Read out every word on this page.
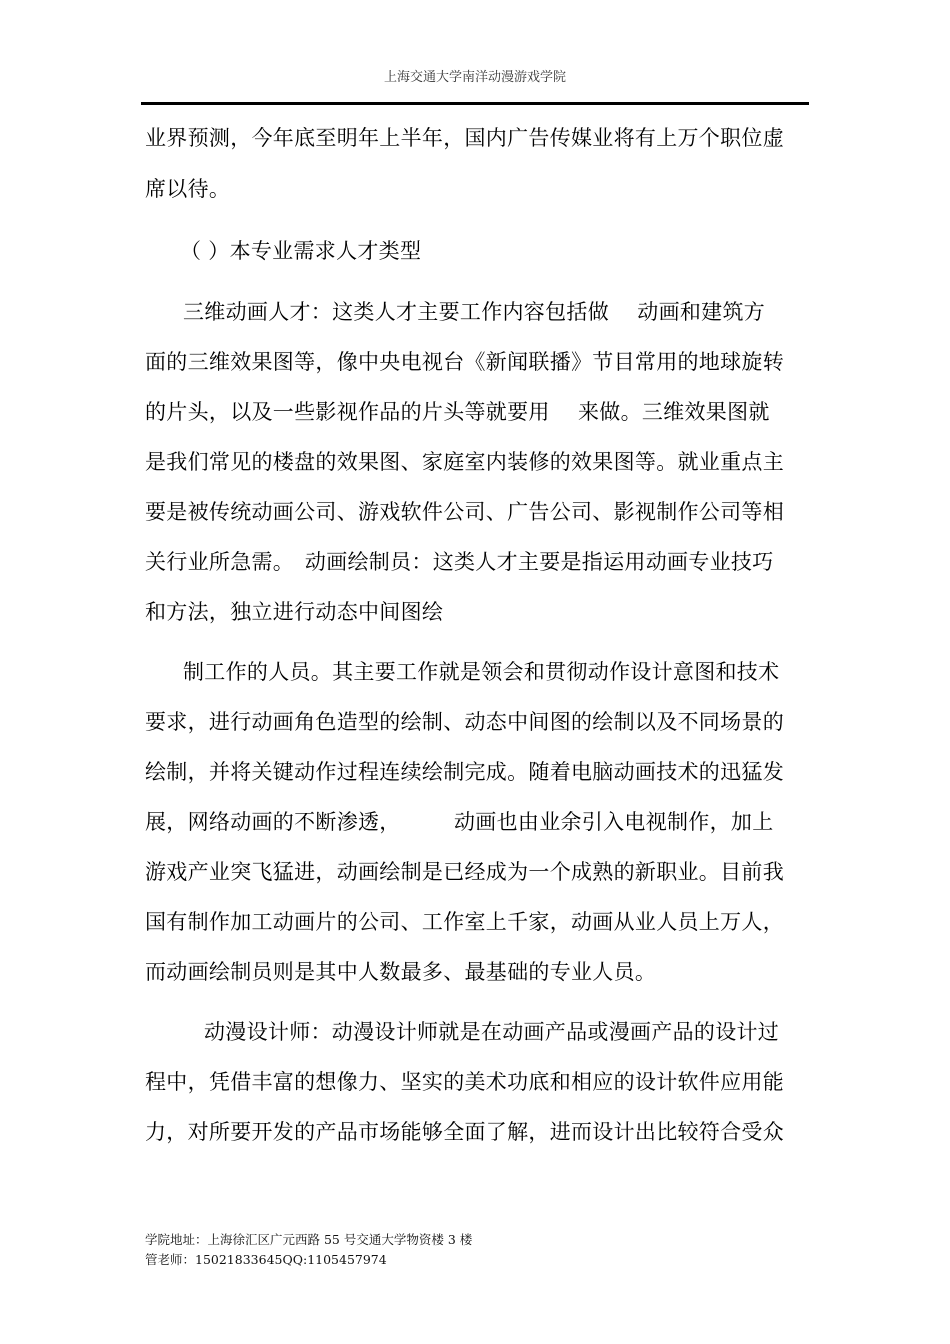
上海交通大学南洋动漫游戏学院
业界预测，今年底至明年上半年，国内广告传媒业将有上万个职位虚
席以待。
（ ）本专业需求人才类型
三维动画人才：这类人才主要工作内容包括做　 动画和建筑方
面的三维效果图等，像中央电视台《新闻联播》节目常用的地球旋转
的片头，以及一些影视作品的片头等就要用　 来做。三维效果图就
是我们常见的楼盘的效果图、家庭室内装修的效果图等。就业重点主
要是被传统动画公司、游戏软件公司、广告公司、影视制作公司等相
关行业所急需。　动画绘制员：这类人才主要是指运用动画专业技巧
和方法，独立进行动态中间图绘
制工作的人员。其主要工作就是领会和贯彻动作设计意图和技术
要求，进行动画角色造型的绘制、动态中间图的绘制以及不同场景的
绘制，并将关键动作过程连续绘制完成。随着电脑动画技术的迅猛发
展，网络动画的不断渗透，　　　动画也由业余引入电视制作，加上
游戏产业突飞猛进，动画绘制是已经成为一个成熟的新职业。目前我
国有制作加工动画片的公司、工作室上千家，动画从业人员上万人，
而动画绘制员则是其中人数最多、最基础的专业人员。
动漫设计师：动漫设计师就是在动画产品或漫画产品的设计过
程中，凭借丰富的想像力、坚实的美术功底和相应的设计软件应用能
力，对所要开发的产品市场能够全面了解，进而设计出比较符合受众
学院地址：上海徐汇区广元西路 55 号交通大学物资楼 3 楼
管老师：15021833645QQ:1105457974
